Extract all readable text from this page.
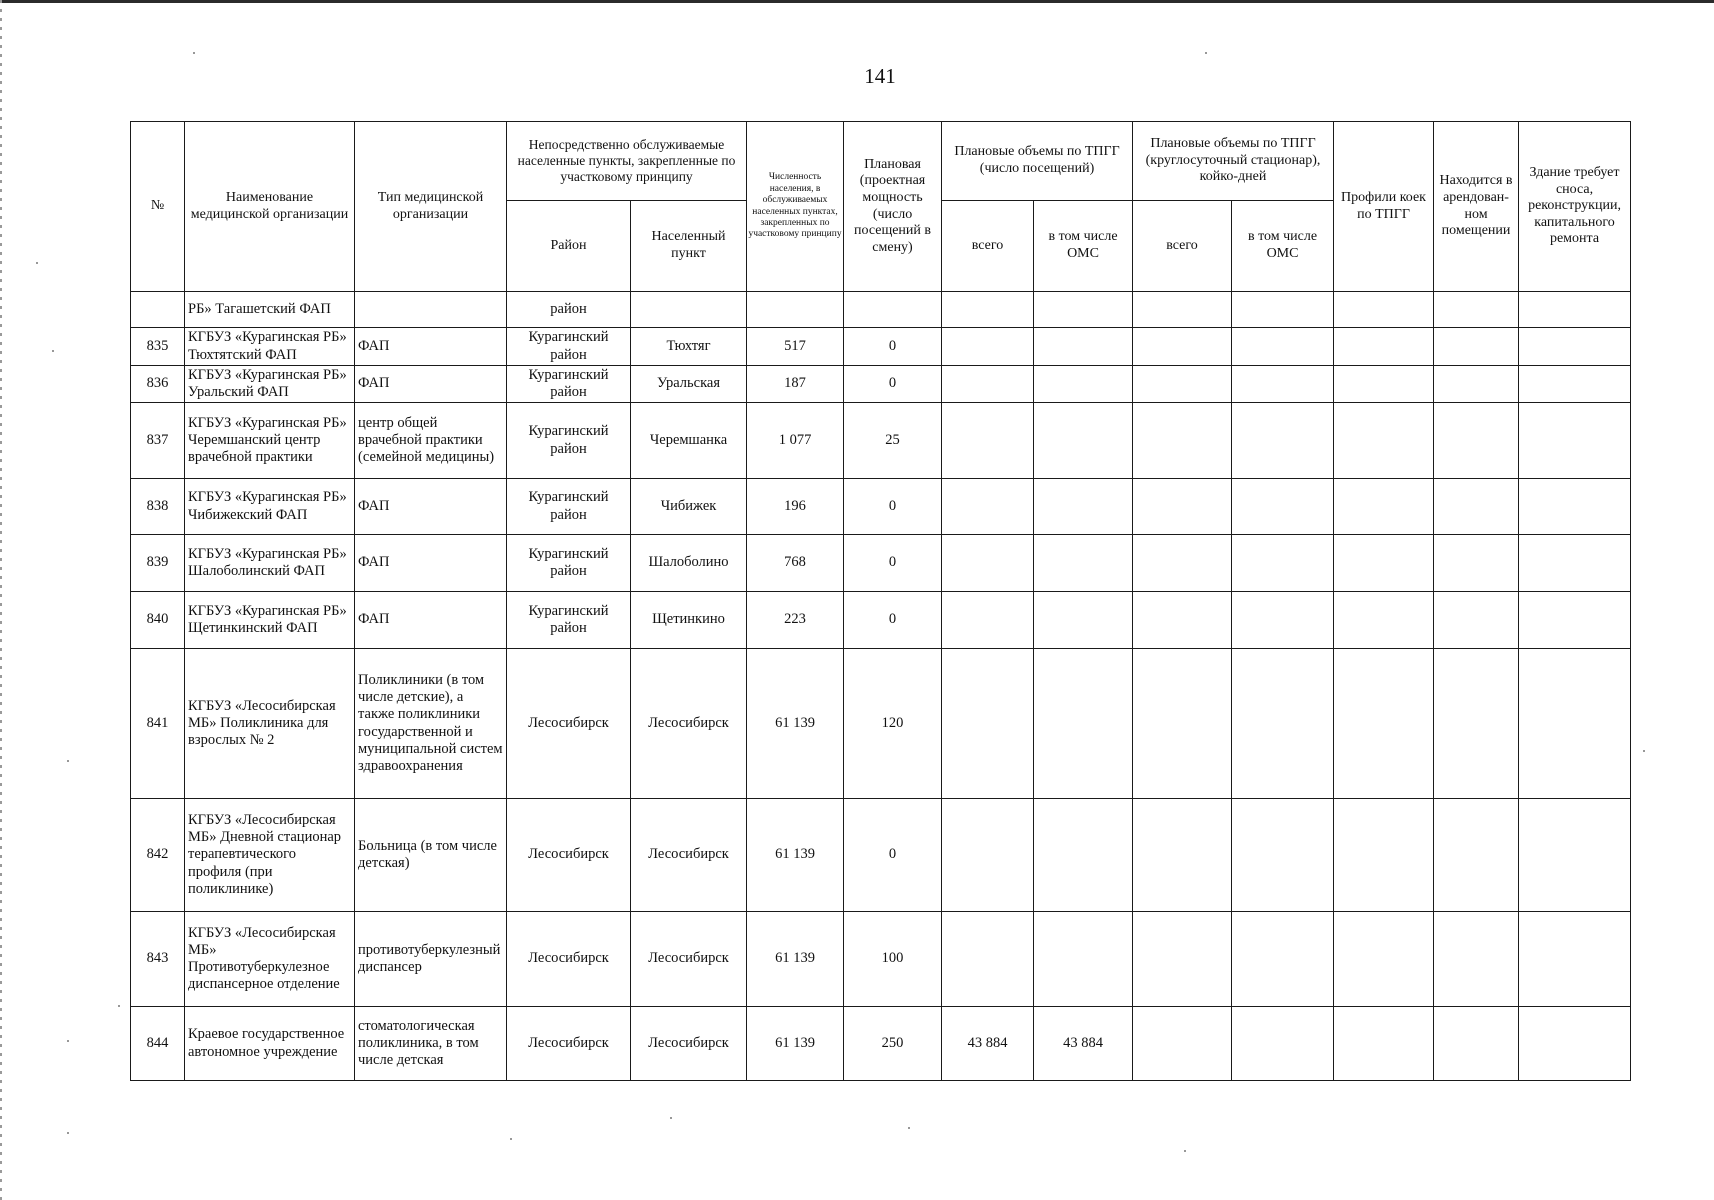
141
№	Наименование медицинской организации	Тип медицинской организации	Непосредственно обслуживаемые населенные пункты, закрепленные по участковому принципу		Численность населения, в обслуживаемых населенных пунктах, закрепленных по участковому принципу	Плановая (проектная мощность (число посещений в смену)	Плановые объемы по ТПГГ (число посещений)		Плановые объемы по ТПГГ (круглосуточный стационар), койко-дней		Профили коек по ТПГГ	Находится в арендован-ном помещении	Здание требует сноса, реконструкции, капитального ремонта
			Район	Населенный пункт			всего	в том числе ОМС	всего	в том числе ОМС			
	РБ» Тагашетский ФАП		район										
835	КГБУЗ «Курагинская РБ» Тюхтятский ФАП	ФАП	Курагинский район	Тюхтяг	517	0							
836	КГБУЗ «Курагинская РБ» Уральский ФАП	ФАП	Курагинский район	Уральская	187	0							
837	КГБУЗ «Курагинская РБ» Черемшанский центр врачебной практики	центр общей врачебной практики (семейной медицины)	Курагинский район	Черемшанка	1 077	25							
838	КГБУЗ «Курагинская РБ» Чибижекский ФАП	ФАП	Курагинский район	Чибижек	196	0							
839	КГБУЗ «Курагинская РБ» Шалоболинский ФАП	ФАП	Курагинский район	Шалоболино	768	0							
840	КГБУЗ «Курагинская РБ» Щетинкинский ФАП	ФАП	Курагинский район	Щетинкино	223	0							
841	КГБУЗ «Лесосибирская МБ» Поликлиника для взрослых № 2	Поликлиники (в том числе детские), а также поликлиники государственной и муниципальной систем здравоохранения	Лесосибирск	Лесосибирск	61 139	120							
842	КГБУЗ «Лесосибирская МБ» Дневной стационар терапевтического профиля (при поликлинике)	Больница (в том числе детская)	Лесосибирск	Лесосибирск	61 139	0							
843	КГБУЗ «Лесосибирская МБ» Противотуберкулезное диспансерное отделение	противотуберкулезный диспансер	Лесосибирск	Лесосибирск	61 139	100							
844	Краевое государственное автономное учреждение	стоматологическая поликлиника, в том числе детская	Лесосибирск	Лесосибирск	61 139	250	43 884	43 884					
